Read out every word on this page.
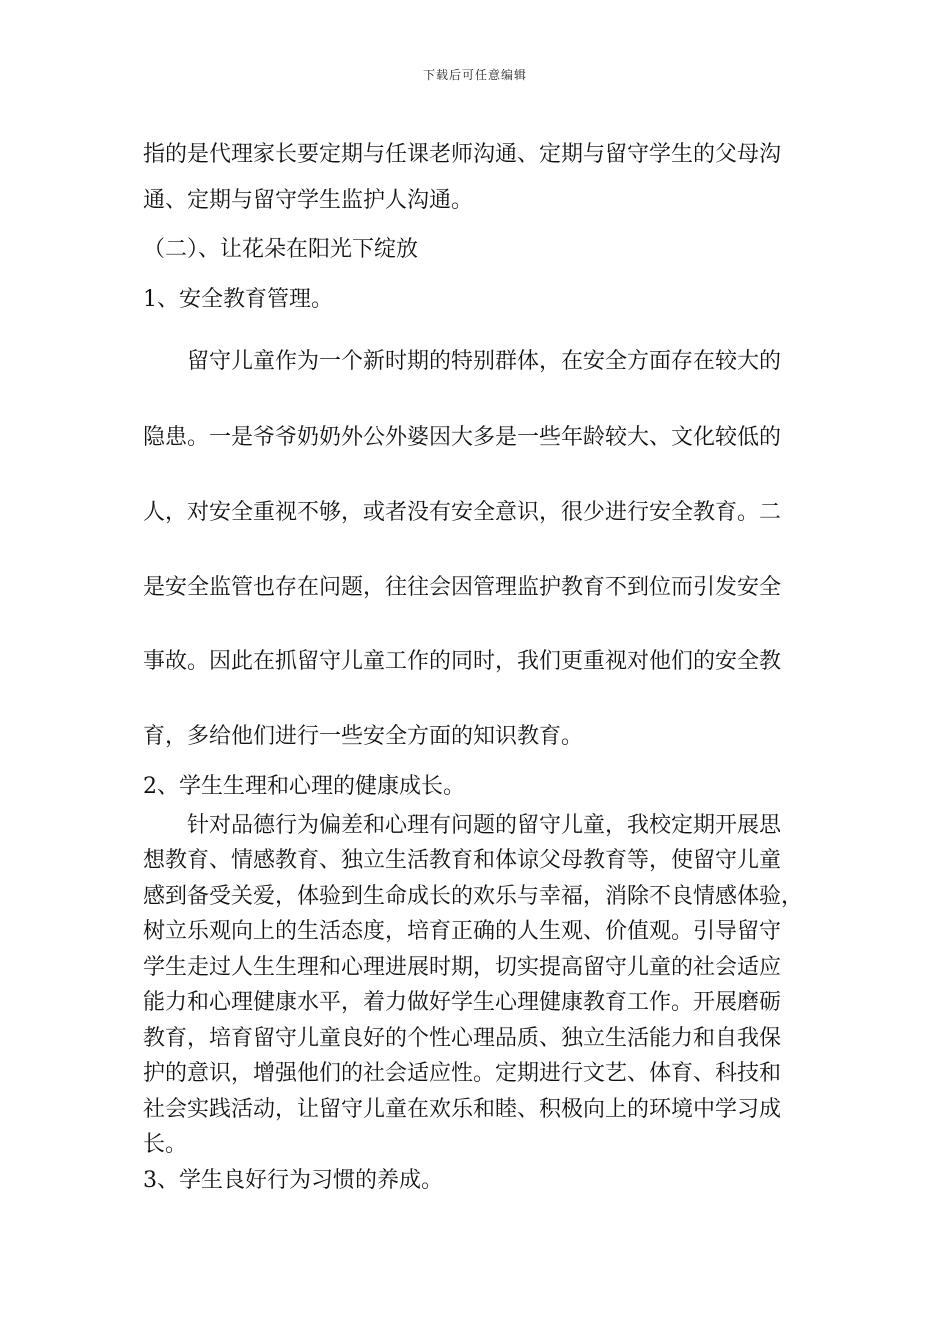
下载后可任意编辑
指的是代理家长要定期与任课老师沟通、定期与留守学生的父母沟
通、定期与留守学生监护人沟通。
（二）、让花朵在阳光下绽放
1、安全教育管理。
留守儿童作为一个新时期的特别群体，在安全方面存在较大的
隐患。一是爷爷奶奶外公外婆因大多是一些年龄较大、文化较低的
人，对安全重视不够，或者没有安全意识，很少进行安全教育。二
是安全监管也存在问题，往往会因管理监护教育不到位而引发安全
事故。因此在抓留守儿童工作的同时，我们更重视对他们的安全教
育，多给他们进行一些安全方面的知识教育。
2、学生生理和心理的健康成长。
针对品德行为偏差和心理有问题的留守儿童，我校定期开展思
想教育、情感教育、独立生活教育和体谅父母教育等，使留守儿童
感到备受关爱，体验到生命成长的欢乐与幸福，消除不良情感体验，
树立乐观向上的生活态度，培育正确的人生观、价值观。引导留守
学生走过人生生理和心理进展时期，切实提高留守儿童的社会适应
能力和心理健康水平，着力做好学生心理健康教育工作。开展磨砺
教育，培育留守儿童良好的个性心理品质、独立生活能力和自我保
护的意识，增强他们的社会适应性。定期进行文艺、体育、科技和
社会实践活动，让留守儿童在欢乐和睦、积极向上的环境中学习成
长。
3、学生良好行为习惯的养成。
